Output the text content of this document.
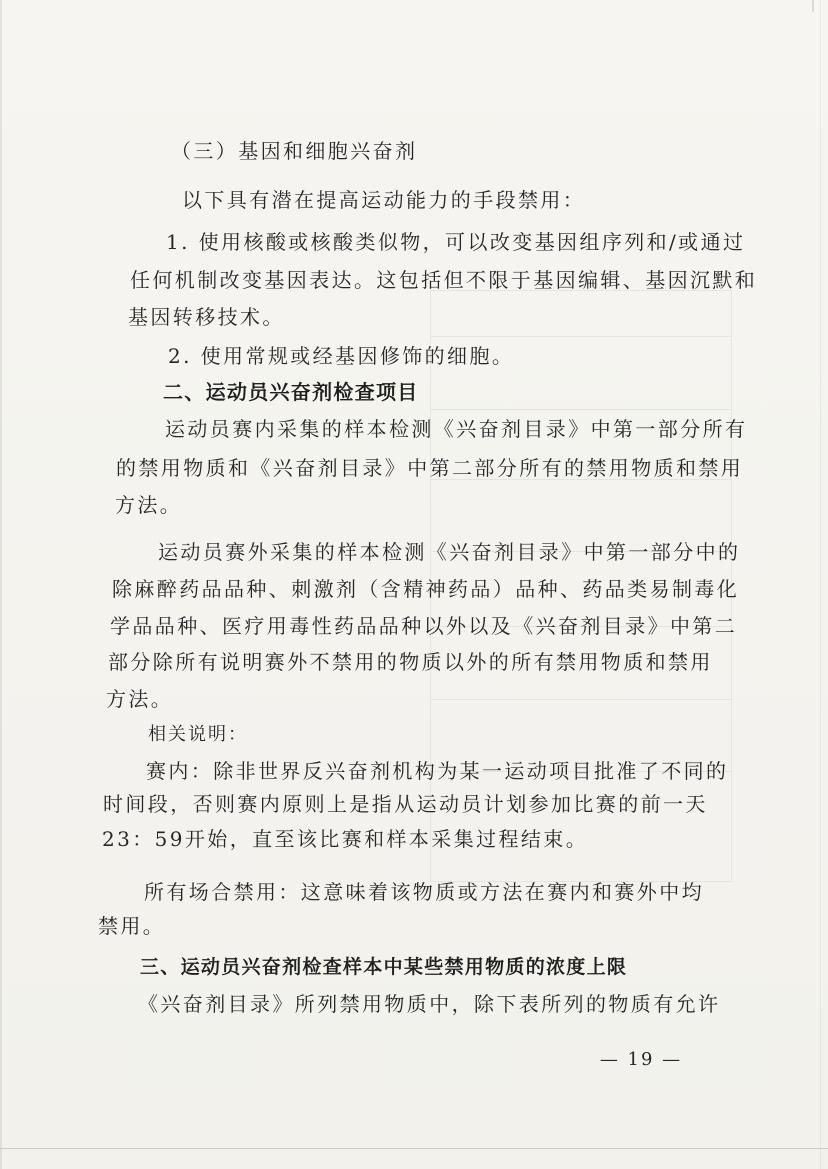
（三）基因和细胞兴奋剂
以下具有潜在提高运动能力的手段禁用：
1. 使用核酸或核酸类似物，可以改变基因组序列和/或通过
任何机制改变基因表达。这包括但不限于基因编辑、基因沉默和
基因转移技术。
2. 使用常规或经基因修饰的细胞。
二、运动员兴奋剂检查项目
运动员赛内采集的样本检测《兴奋剂目录》中第一部分所有
的禁用物质和《兴奋剂目录》中第二部分所有的禁用物质和禁用
方法。
运动员赛外采集的样本检测《兴奋剂目录》中第一部分中的
除麻醉药品品种、刺激剂（含精神药品）品种、药品类易制毒化
学品品种、医疗用毒性药品品种以外以及《兴奋剂目录》中第二
部分除所有说明赛外不禁用的物质以外的所有禁用物质和禁用
方法。
相关说明：
赛内：除非世界反兴奋剂机构为某一运动项目批准了不同的
时间段，否则赛内原则上是指从运动员计划参加比赛的前一天
23：59开始，直至该比赛和样本采集过程结束。
所有场合禁用：这意味着该物质或方法在赛内和赛外中均
禁用。
三、运动员兴奋剂检查样本中某些禁用物质的浓度上限
《兴奋剂目录》所列禁用物质中，除下表所列的物质有允许
— 19 —
